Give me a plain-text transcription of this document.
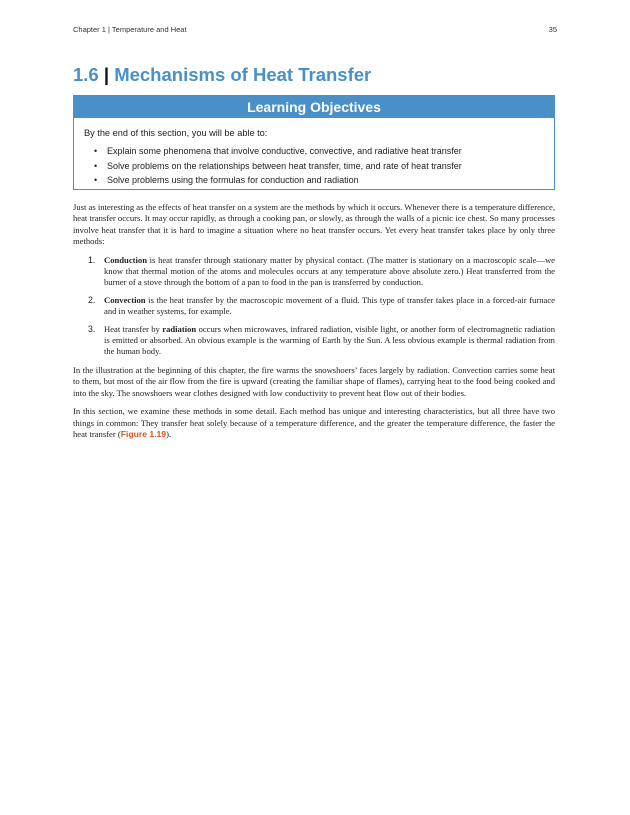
Chapter 1 | Temperature and Heat	35
1.6 | Mechanisms of Heat Transfer
Learning Objectives
By the end of this section, you will be able to:
•	Explain some phenomena that involve conductive, convective, and radiative heat transfer
•	Solve problems on the relationships between heat transfer, time, and rate of heat transfer
•	Solve problems using the formulas for conduction and radiation

Just as interesting as the effects of heat transfer on a system are the methods by which it occurs. Whenever there is a temperature difference, heat transfer occurs. It may occur rapidly, as through a cooking pan, or slowly, as through the walls of a picnic ice chest. So many processes involve heat transfer that it is hard to imagine a situation where no heat transfer occurs. Yet every heat transfer takes place by only three methods:

1.	Conduction is heat transfer through stationary matter by physical contact. (The matter is stationary on a macroscopic scale—we know that thermal motion of the atoms and molecules occurs at any temperature above absolute zero.) Heat transferred from the burner of a stove through the bottom of a pan to food in the pan is transferred by conduction.
2.	Convection is the heat transfer by the macroscopic movement of a fluid. This type of transfer takes place in a forced-air furnace and in weather systems, for example.
3.	Heat transfer by radiation occurs when microwaves, infrared radiation, visible light, or another form of electromagnetic radiation is emitted or absorbed. An obvious example is the warming of Earth by the Sun. A less obvious example is thermal radiation from the human body.

In the illustration at the beginning of this chapter, the fire warms the snowshoers’ faces largely by radiation. Convection carries some heat to them, but most of the air flow from the fire is upward (creating the familiar shape of flames), carrying heat to the food being cooked and into the sky. The snowshoers wear clothes designed with low conductivity to prevent heat flow out of their bodies.

In this section, we examine these methods in some detail. Each method has unique and interesting characteristics, but all three have two things in common: They transfer heat solely because of a temperature difference, and the greater the temperature difference, the faster the heat transfer (Figure 1.19).
